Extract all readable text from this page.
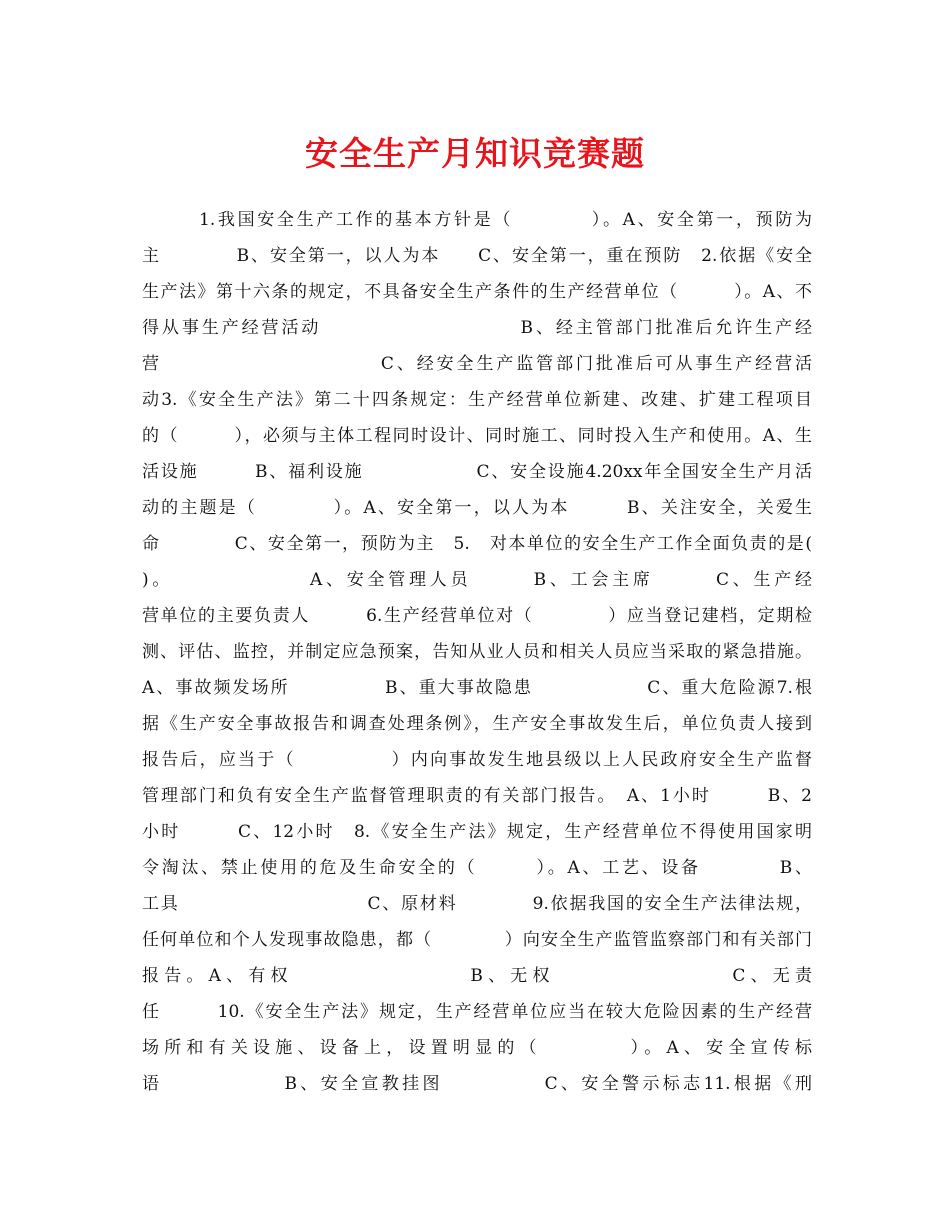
安全生产月知识竞赛题
1.我国安全生产工作的基本方针是（　　　　）。A、安全第一，预防为
主　　　　B、安全第一，以人为本　　C、安全第一，重在预防　2.依据《安全
生产法》第十六条的规定，不具备安全生产条件的生产经营单位（　　　）。A、不
得从事生产经营活动　　　　　　　　　　B、经主管部门批准后允许生产经
营　　　　　　　　　　　C、经安全生产监管部门批准后可从事生产经营活
动3.《安全生产法》第二十四条规定：生产经营单位新建、改建、扩建工程项目
的（　　　），必须与主体工程同时设计、同时施工、同时投入生产和使用。A、生
活设施　　　B、福利设施　　　　　　C、安全设施4.20xx年全国安全生产月活
动的主题是（　　　　）。A、安全第一，以人为本　　　B、关注安全，关爱生
命　　　　C、安全第一，预防为主　5.　对本单位的安全生产工作全面负责的是(
)。　　　　　　　A、安全管理人员　　　B、工会主席　　　C、生产经
营单位的主要负责人　　　6.生产经营单位对（　　　　）应当登记建档，定期检
测、评估、监控，并制定应急预案，告知从业人员和相关人员应当采取的紧急措施。
A、事故频发场所　　　　　B、重大事故隐患　　　　　　C、重大危险源7.根
据《生产安全事故报告和调查处理条例》，生产安全事故发生后，单位负责人接到
报告后，应当于（　　　　　）内向事故发生地县级以上人民政府安全生产监督
管理部门和负有安全生产监督管理职责的有关部门报告。　A、1小时　　　B、2
小时　　　C、12小时　8.《安全生产法》规定，生产经营单位不得使用国家明
令淘汰、禁止使用的危及生命安全的（　　　）。A、工艺、设备　　　　B、
工具　　　　　　　　　　C、原材料　　　　9.依据我国的安全生产法律法规，
任何单位和个人发现事故隐患，都（　　　　）向安全生产监管监察部门和有关部门
报告。A、有权　　　　　　　　B、无权　　　　　　　　C、无责
任　　　10.《安全生产法》规定，生产经营单位应当在较大危险因素的生产经营
场所和有关设施、设备上，设置明显的（　　　　）。A、安全宣传标
语　　　　　　B、安全宣教挂图　　　　　C、安全警示标志11.根据《刑
